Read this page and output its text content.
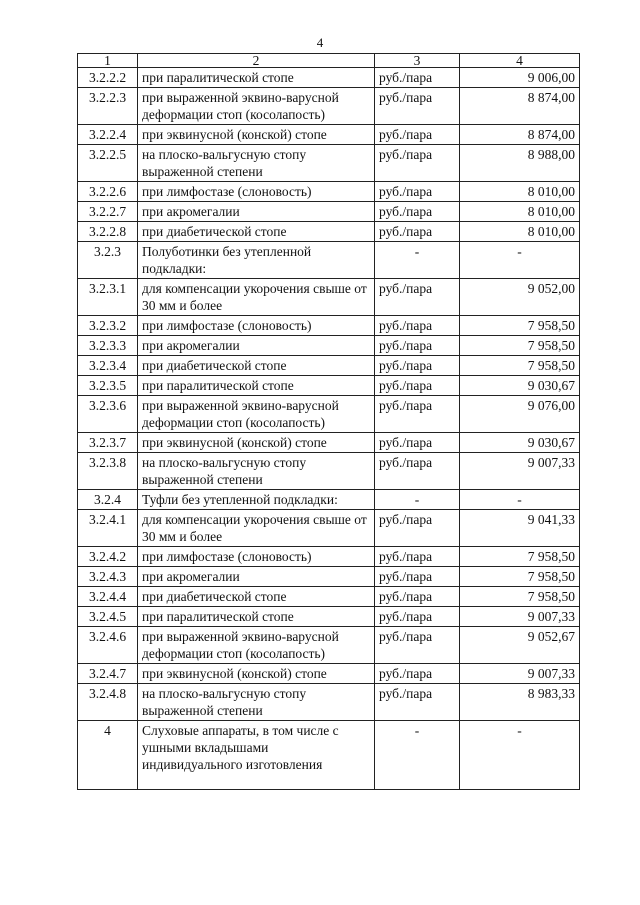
4
1	2	3	4
3.2.2.2	при паралитической стопе	руб./пара	9 006,00
3.2.2.3	при выраженной эквино-варусной деформации стоп (косолапость)	руб./пара	8 874,00
3.2.2.4	при эквинусной (конской) стопе	руб./пара	8 874,00
3.2.2.5	на плоско-вальгусную стопу выраженной степени	руб./пара	8 988,00
3.2.2.6	при лимфостазе (слоновость)	руб./пара	8 010,00
3.2.2.7	при акромегалии	руб./пара	8 010,00
3.2.2.8	при диабетической стопе	руб./пара	8 010,00
3.2.3	Полуботинки без утепленной подкладки:	-	-
3.2.3.1	для компенсации укорочения свыше от 30 мм и более	руб./пара	9 052,00
3.2.3.2	при лимфостазе (слоновость)	руб./пара	7 958,50
3.2.3.3	при акромегалии	руб./пара	7 958,50
3.2.3.4	при диабетической стопе	руб./пара	7 958,50
3.2.3.5	при паралитической стопе	руб./пара	9 030,67
3.2.3.6	при выраженной эквино-варусной деформации стоп (косолапость)	руб./пара	9 076,00
3.2.3.7	при эквинусной (конской) стопе	руб./пара	9 030,67
3.2.3.8	на плоско-вальгусную стопу выраженной степени	руб./пара	9 007,33
3.2.4	Туфли без утепленной подкладки:	-	-
3.2.4.1	для компенсации укорочения свыше от 30 мм и более	руб./пара	9 041,33
3.2.4.2	при лимфостазе (слоновость)	руб./пара	7 958,50
3.2.4.3	при акромегалии	руб./пара	7 958,50
3.2.4.4	при диабетической стопе	руб./пара	7 958,50
3.2.4.5	при паралитической стопе	руб./пара	9 007,33
3.2.4.6	при выраженной эквино-варусной деформации стоп (косолапость)	руб./пара	9 052,67
3.2.4.7	при эквинусной (конской) стопе	руб./пара	9 007,33
3.2.4.8	на плоско-вальгусную стопу выраженной степени	руб./пара	8 983,33
4	Слуховые аппараты, в том числе с ушными вкладышами индивидуального изготовления	-	-
